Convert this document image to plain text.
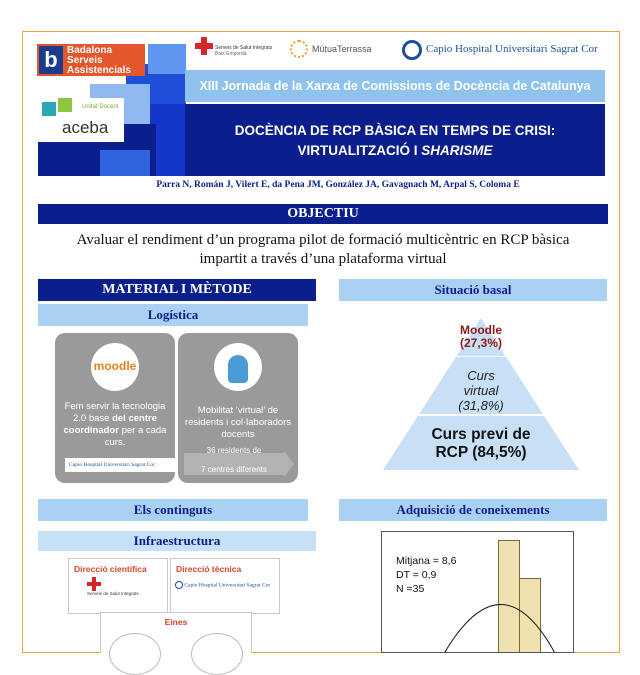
b Badalona
Serveis
Assistencials
Unitat Docent
aceba
Serveis de Salut Integrats
Baix Empordà	MútuaTerrassa	Capio Hospital Universitari Sagrat Cor
XIII Jornada de la Xarxa de Comissions de Docència de Catalunya
DOCÈNCIA DE RCP BÀSICA EN TEMPS DE CRISI:
VIRTUALITZACIÓ I SHARISME
Parra N, Román J, Vilert E, da Pena JM, González JA, Gavagnach M, Arpal S, Coloma E
OBJECTIU
Avaluar el rendiment d’un programa pilot de formació multicèntric en RCP bàsica
impartit a través d’una plataforma virtual
MATERIAL I MÈTODE
Logística
moodle
Fem servir la tecnologia 2.0 base del centre coordinador per a cada curs.
Capio Hospital Universitari Sagrat Cor
Mobilitat ‘virtual’ de residents i col·laboradors docents
36 residents de
7 centres diferents
Situació basal
Moodle
(27,3%)
Curs
virtual
(31,8%)
Curs previ de
RCP (84,5%)
Els continguts
Infraestructura
Direcció científica
Serveis de Salut Integrats
Direcció tècnica
Capio Hospital Universitari Sagrat Cor
Eines
Adquisició de coneixements
Mitjana = 8,6
DT = 0,9
N =35
